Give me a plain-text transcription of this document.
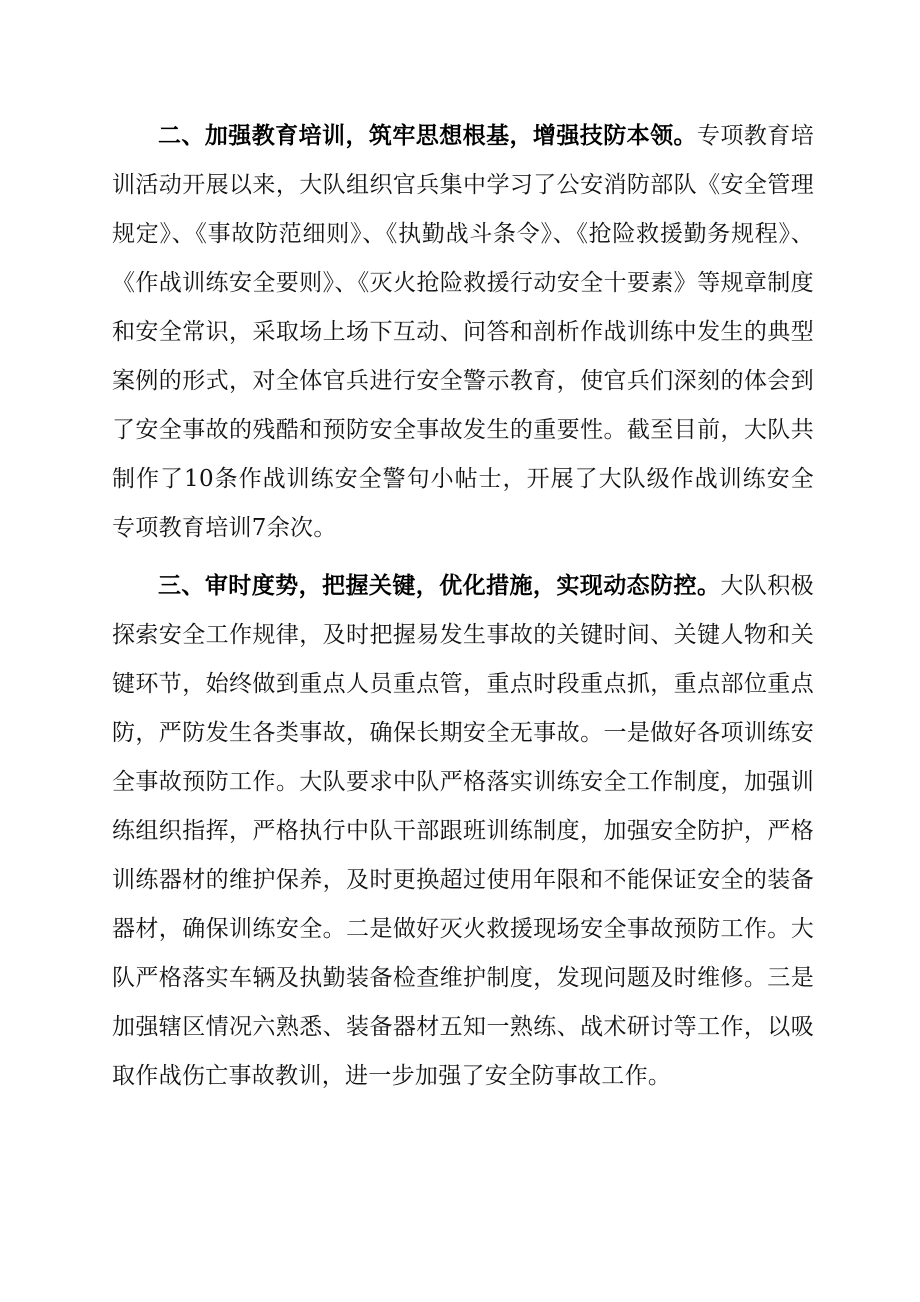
二、加强教育培训，筑牢思想根基，增强技防本领。专项教育培训活动开展以来，大队组织官兵集中学习了公安消防部队《安全管理规定》、《事故防范细则》、《执勤战斗条令》、《抢险救援勤务规程》、《作战训练安全要则》、《灭火抢险救援行动安全十要素》等规章制度和安全常识，采取场上场下互动、问答和剖析作战训练中发生的典型案例的形式，对全体官兵进行安全警示教育，使官兵们深刻的体会到了安全事故的残酷和预防安全事故发生的重要性。截至目前，大队共制作了10条作战训练安全警句小帖士，开展了大队级作战训练安全专项教育培训7余次。

三、审时度势，把握关键，优化措施，实现动态防控。大队积极探索安全工作规律，及时把握易发生事故的关键时间、关键人物和关键环节，始终做到重点人员重点管，重点时段重点抓，重点部位重点防，严防发生各类事故，确保长期安全无事故。一是做好各项训练安全事故预防工作。大队要求中队严格落实训练安全工作制度，加强训练组织指挥，严格执行中队干部跟班训练制度，加强安全防护，严格训练器材的维护保养，及时更换超过使用年限和不能保证安全的装备器材，确保训练安全。二是做好灭火救援现场安全事故预防工作。大队严格落实车辆及执勤装备检查维护制度，发现问题及时维修。三是加强辖区情况六熟悉、装备器材五知一熟练、战术研讨等工作，以吸取作战伤亡事故教训，进一步加强了安全防事故工作。
